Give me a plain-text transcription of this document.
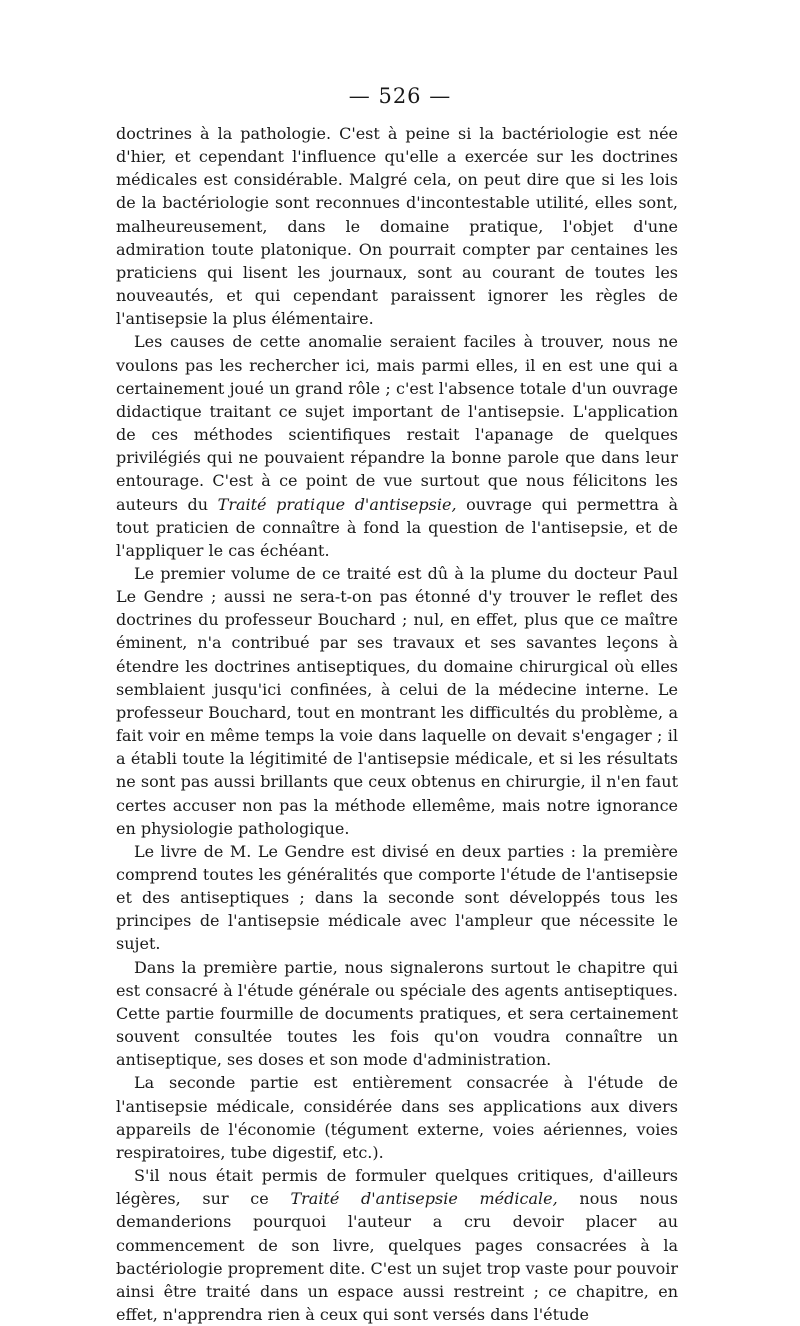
— 526 —

doctrines à la pathologie. C'est à peine si la bactériologie est née d'hier, et cependant l'influence qu'elle a exercée sur les doctrines médicales est considérable. Malgré cela, on peut dire que si les lois de la bactériologie sont reconnues d'incontestable utilité, elles sont, malheureusement, dans le domaine pratique, l'objet d'une admiration toute platonique. On pourrait compter par centaines les praticiens qui lisent les journaux, sont au courant de toutes les nouveautés, et qui cependant paraissent ignorer les règles de l'antisepsie la plus élémentaire.

Les causes de cette anomalie seraient faciles à trouver, nous ne voulons pas les rechercher ici, mais parmi elles, il en est une qui a certainement joué un grand rôle ; c'est l'absence totale d'un ouvrage didactique traitant ce sujet important de l'antisepsie. L'application de ces méthodes scientifiques restait l'apanage de quelques privilégiés qui ne pouvaient répandre la bonne parole que dans leur entourage. C'est à ce point de vue surtout que nous félicitons les auteurs du Traité pratique d'antisepsie, ouvrage qui permettra à tout praticien de connaître à fond la question de l'antisepsie, et de l'appliquer le cas échéant.

Le premier volume de ce traité est dû à la plume du docteur Paul Le Gendre ; aussi ne sera-t-on pas étonné d'y trouver le reflet des doctrines du professeur Bouchard ; nul, en effet, plus que ce maître éminent, n'a contribué par ses travaux et ses savantes leçons à étendre les doctrines antiseptiques, du domaine chirurgical où elles semblaient jusqu'ici confinées, à celui de la médecine interne. Le professeur Bouchard, tout en montrant les difficultés du problème, a fait voir en même temps la voie dans laquelle on devait s'engager ; il a établi toute la légitimité de l'antisepsie médicale, et si les résultats ne sont pas aussi brillants que ceux obtenus en chirurgie, il n'en faut certes accuser non pas la méthode ellemême, mais notre ignorance en physiologie pathologique.

Le livre de M. Le Gendre est divisé en deux parties : la première comprend toutes les généralités que comporte l'étude de l'antisepsie et des antiseptiques ; dans la seconde sont développés tous les principes de l'antisepsie médicale avec l'ampleur que nécessite le sujet.

Dans la première partie, nous signalerons surtout le chapitre qui est consacré à l'étude générale ou spéciale des agents antiseptiques. Cette partie fourmille de documents pratiques, et sera certainement souvent consultée toutes les fois qu'on voudra connaître un antiseptique, ses doses et son mode d'administration.

La seconde partie est entièrement consacrée à l'étude de l'antisepsie médicale, considérée dans ses applications aux divers appareils de l'économie (tégument externe, voies aériennes, voies respiratoires, tube digestif, etc.).

S'il nous était permis de formuler quelques critiques, d'ailleurs légères, sur ce Traité d'antisepsie médicale, nous nous demanderions pourquoi l'auteur a cru devoir placer au commencement de son livre, quelques pages consacrées à la bactériologie proprement dite. C'est un sujet trop vaste pour pouvoir ainsi être traité dans un espace aussi restreint ; ce chapitre, en effet, n'apprendra rien à ceux qui sont versés dans l'étude
